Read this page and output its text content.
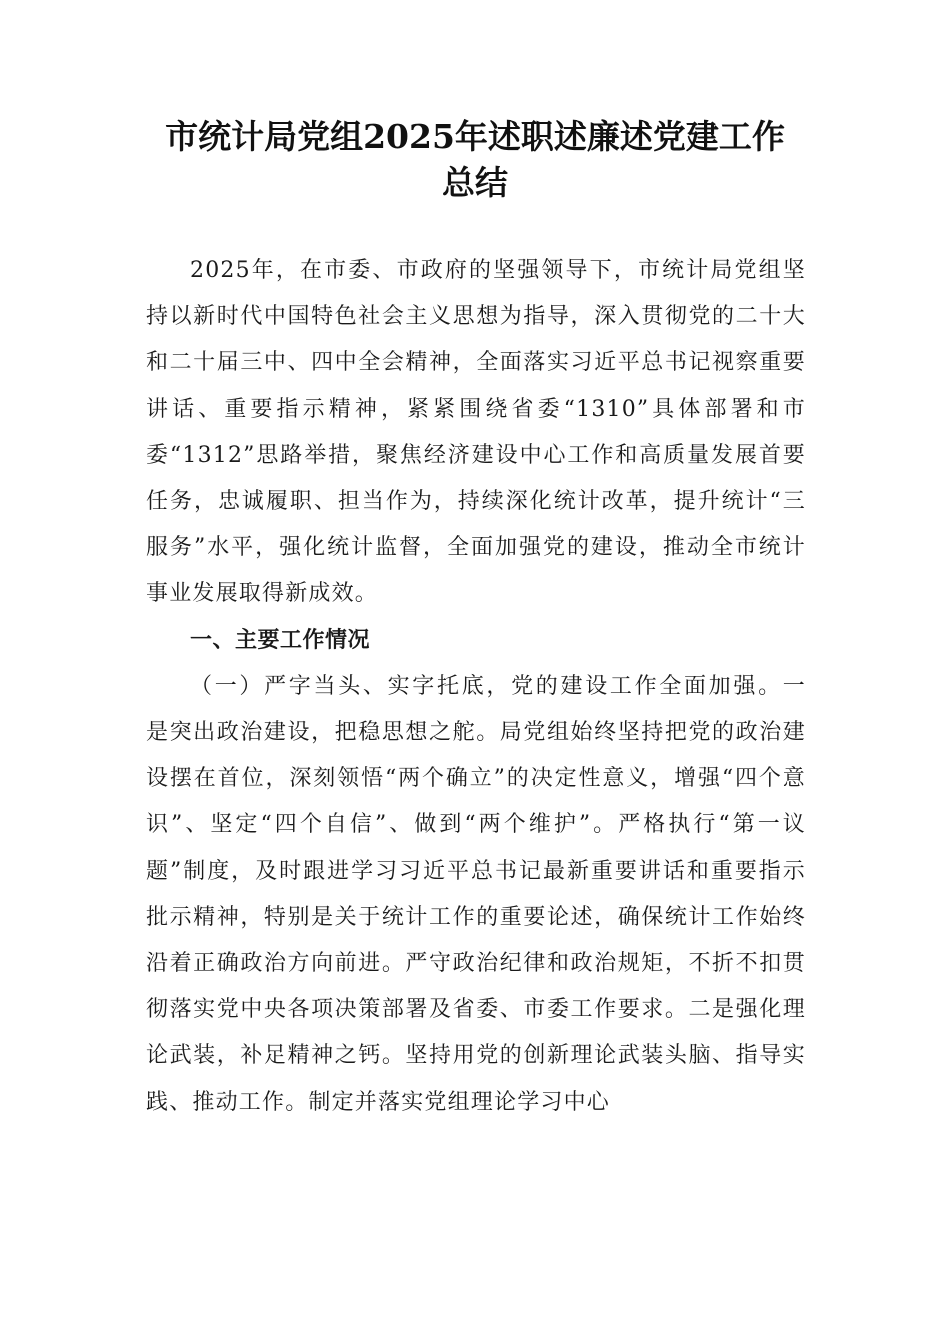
市统计局党组2025年述职述廉述党建工作
总结

2025年，在市委、市政府的坚强领导下，市统计局党组坚持以新时代中国特色社会主义思想为指导，深入贯彻党的二十大和二十届三中、四中全会精神，全面落实习近平总书记视察重要讲话、重要指示精神，紧紧围绕省委“1310”具体部署和市委“1312”思路举措，聚焦经济建设中心工作和高质量发展首要任务，忠诚履职、担当作为，持续深化统计改革，提升统计“三服务”水平，强化统计监督，全面加强党的建设，推动全市统计事业发展取得新成效。

一、主要工作情况

（一）严字当头、实字托底，党的建设工作全面加强。一是突出政治建设，把稳思想之舵。局党组始终坚持把党的政治建设摆在首位，深刻领悟“两个确立”的决定性意义，增强“四个意识”、坚定“四个自信”、做到“两个维护”。严格执行“第一议题”制度，及时跟进学习习近平总书记最新重要讲话和重要指示批示精神，特别是关于统计工作的重要论述，确保统计工作始终沿着正确政治方向前进。严守政治纪律和政治规矩，不折不扣贯彻落实党中央各项决策部署及省委、市委工作要求。二是强化理论武装，补足精神之钙。坚持用党的创新理论武装头脑、指导实践、推动工作。制定并落实党组理论学习中心
